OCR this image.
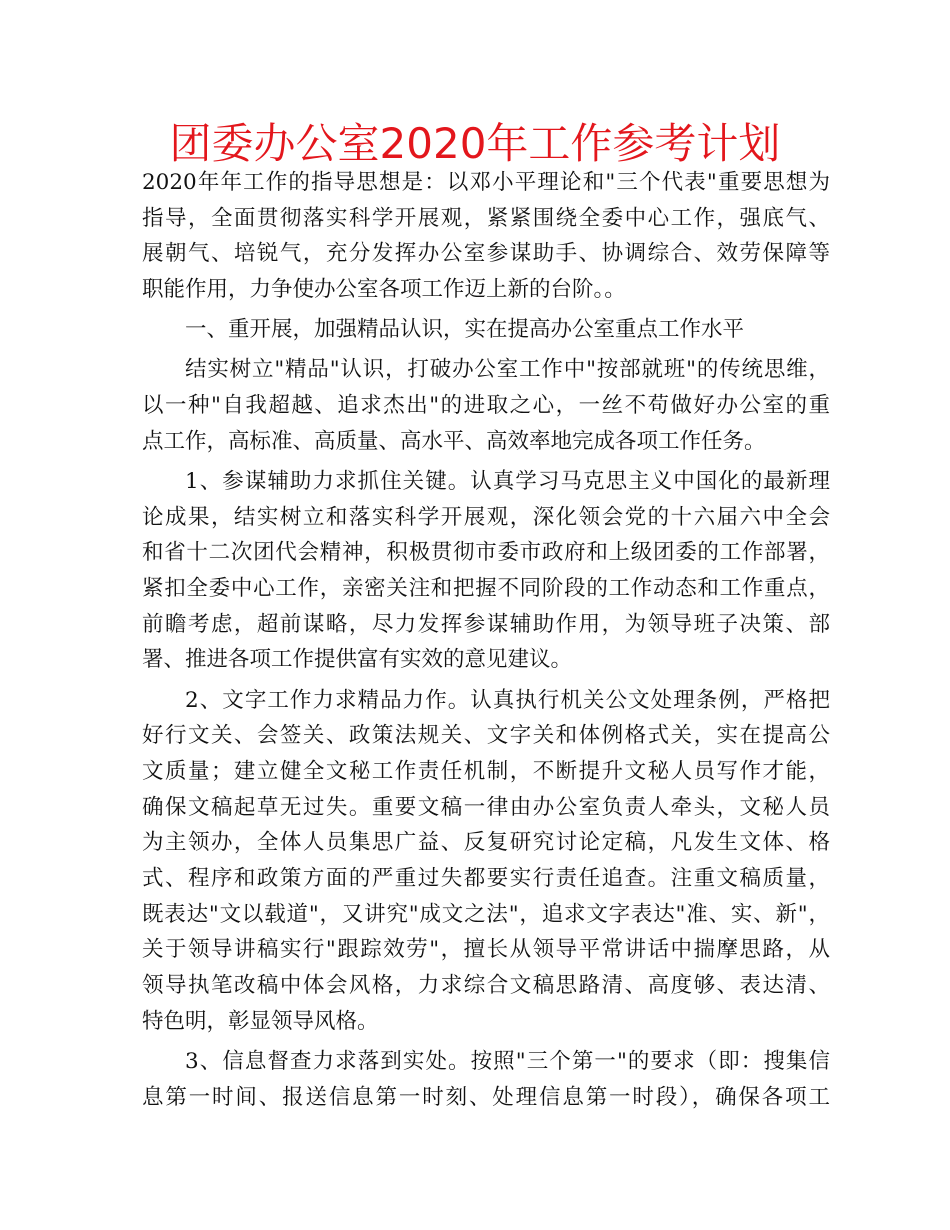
团委办公室2020年工作参考计划
2020年年工作的指导思想是：以邓小平理论和"三个代表"重要思想为
指导，全面贯彻落实科学开展观，紧紧围绕全委中心工作，强底气、
展朝气、培锐气，充分发挥办公室参谋助手、协调综合、效劳保障等
职能作用，力争使办公室各项工作迈上新的台阶。。
一、重开展，加强精品认识，实在提高办公室重点工作水平
结实树立"精品"认识，打破办公室工作中"按部就班"的传统思维，
以一种"自我超越、追求杰出"的进取之心，一丝不苟做好办公室的重
点工作，高标准、高质量、高水平、高效率地完成各项工作任务。
1、参谋辅助力求抓住关键。认真学习马克思主义中国化的最新理
论成果，结实树立和落实科学开展观，深化领会党的十六届六中全会
和省十二次团代会精神，积极贯彻市委市政府和上级团委的工作部署，
紧扣全委中心工作，亲密关注和把握不同阶段的工作动态和工作重点，
前瞻考虑，超前谋略，尽力发挥参谋辅助作用，为领导班子决策、部
署、推进各项工作提供富有实效的意见建议。
2、文字工作力求精品力作。认真执行机关公文处理条例，严格把
好行文关、会签关、政策法规关、文字关和体例格式关，实在提高公
文质量；建立健全文秘工作责任机制，不断提升文秘人员写作才能，
确保文稿起草无过失。重要文稿一律由办公室负责人牵头，文秘人员
为主领办，全体人员集思广益、反复研究讨论定稿，凡发生文体、格
式、程序和政策方面的严重过失都要实行责任追查。注重文稿质量，
既表达"文以载道"，又讲究"成文之法"，追求文字表达"准、实、新"，
关于领导讲稿实行"跟踪效劳"，擅长从领导平常讲话中揣摩思路，从
领导执笔改稿中体会风格，力求综合文稿思路清、高度够、表达清、
特色明，彰显领导风格。
3、信息督查力求落到实处。按照"三个第一"的要求（即：搜集信
息第一时间、报送信息第一时刻、处理信息第一时段），确保各项工
